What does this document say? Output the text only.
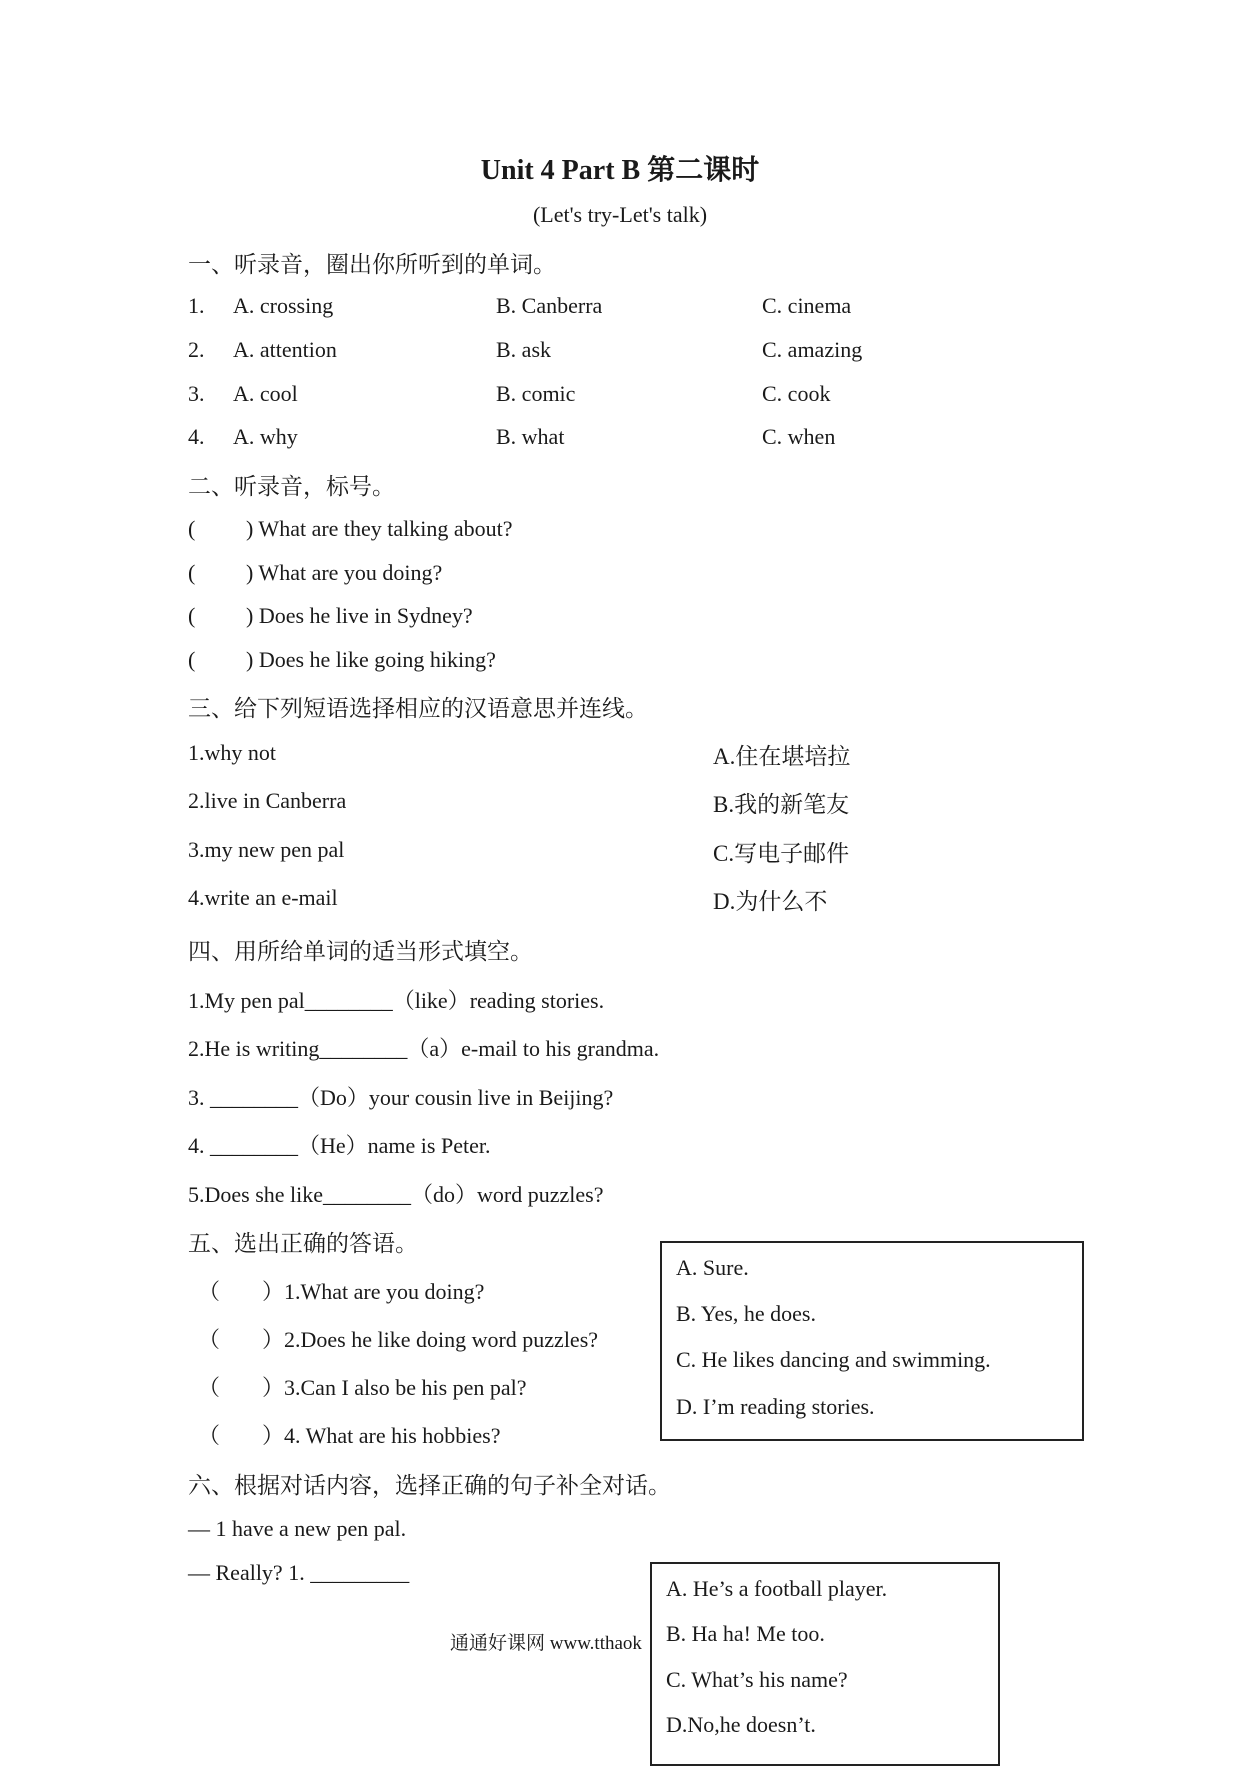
Unit 4 Part B 第二课时
(Let's try-Let's talk)
一、听录音，圈出你所听到的单词。
1. A. crossing	B. Canberra	C. cinema
2. A. attention	B. ask	C. amazing
3. A. cool	B. comic	C. cook
4. A. why	B. what	C. when
二、听录音，标号。
( ) What are they talking about?
( ) What are you doing?
( ) Does he live in Sydney?
( ) Does he like going hiking?
三、给下列短语选择相应的汉语意思并连线。
1.why not	A.住在堪培拉
2.live in Canberra	B.我的新笔友
3.my new pen pal	C.写电子邮件
4.write an e-mail	D.为什么不
四、用所给单词的适当形式填空。
1.My pen pal________（like）reading stories.
2.He is writing________（a）e-mail to his grandma.
3. ________（Do）your cousin live in Beijing?
4. ________（He）name is Peter.
5.Does she like________（do）word puzzles?
五、选出正确的答语。
（ ）1.What are you doing?
（ ）2.Does he like doing word puzzles?
（ ）3.Can I also be his pen pal?
（ ）4. What are his hobbies?
A. Sure.
B. Yes, he does.
C. He likes dancing and swimming.
D. I’m reading stories.
六、根据对话内容，选择正确的句子补全对话。
— 1 have a new pen pal.
— Really? 1. _________
通通好课网 www.tthaok
A. He’s a football player.
B. Ha ha! Me too.
C. What’s his name?
D.No,he doesn’t.
